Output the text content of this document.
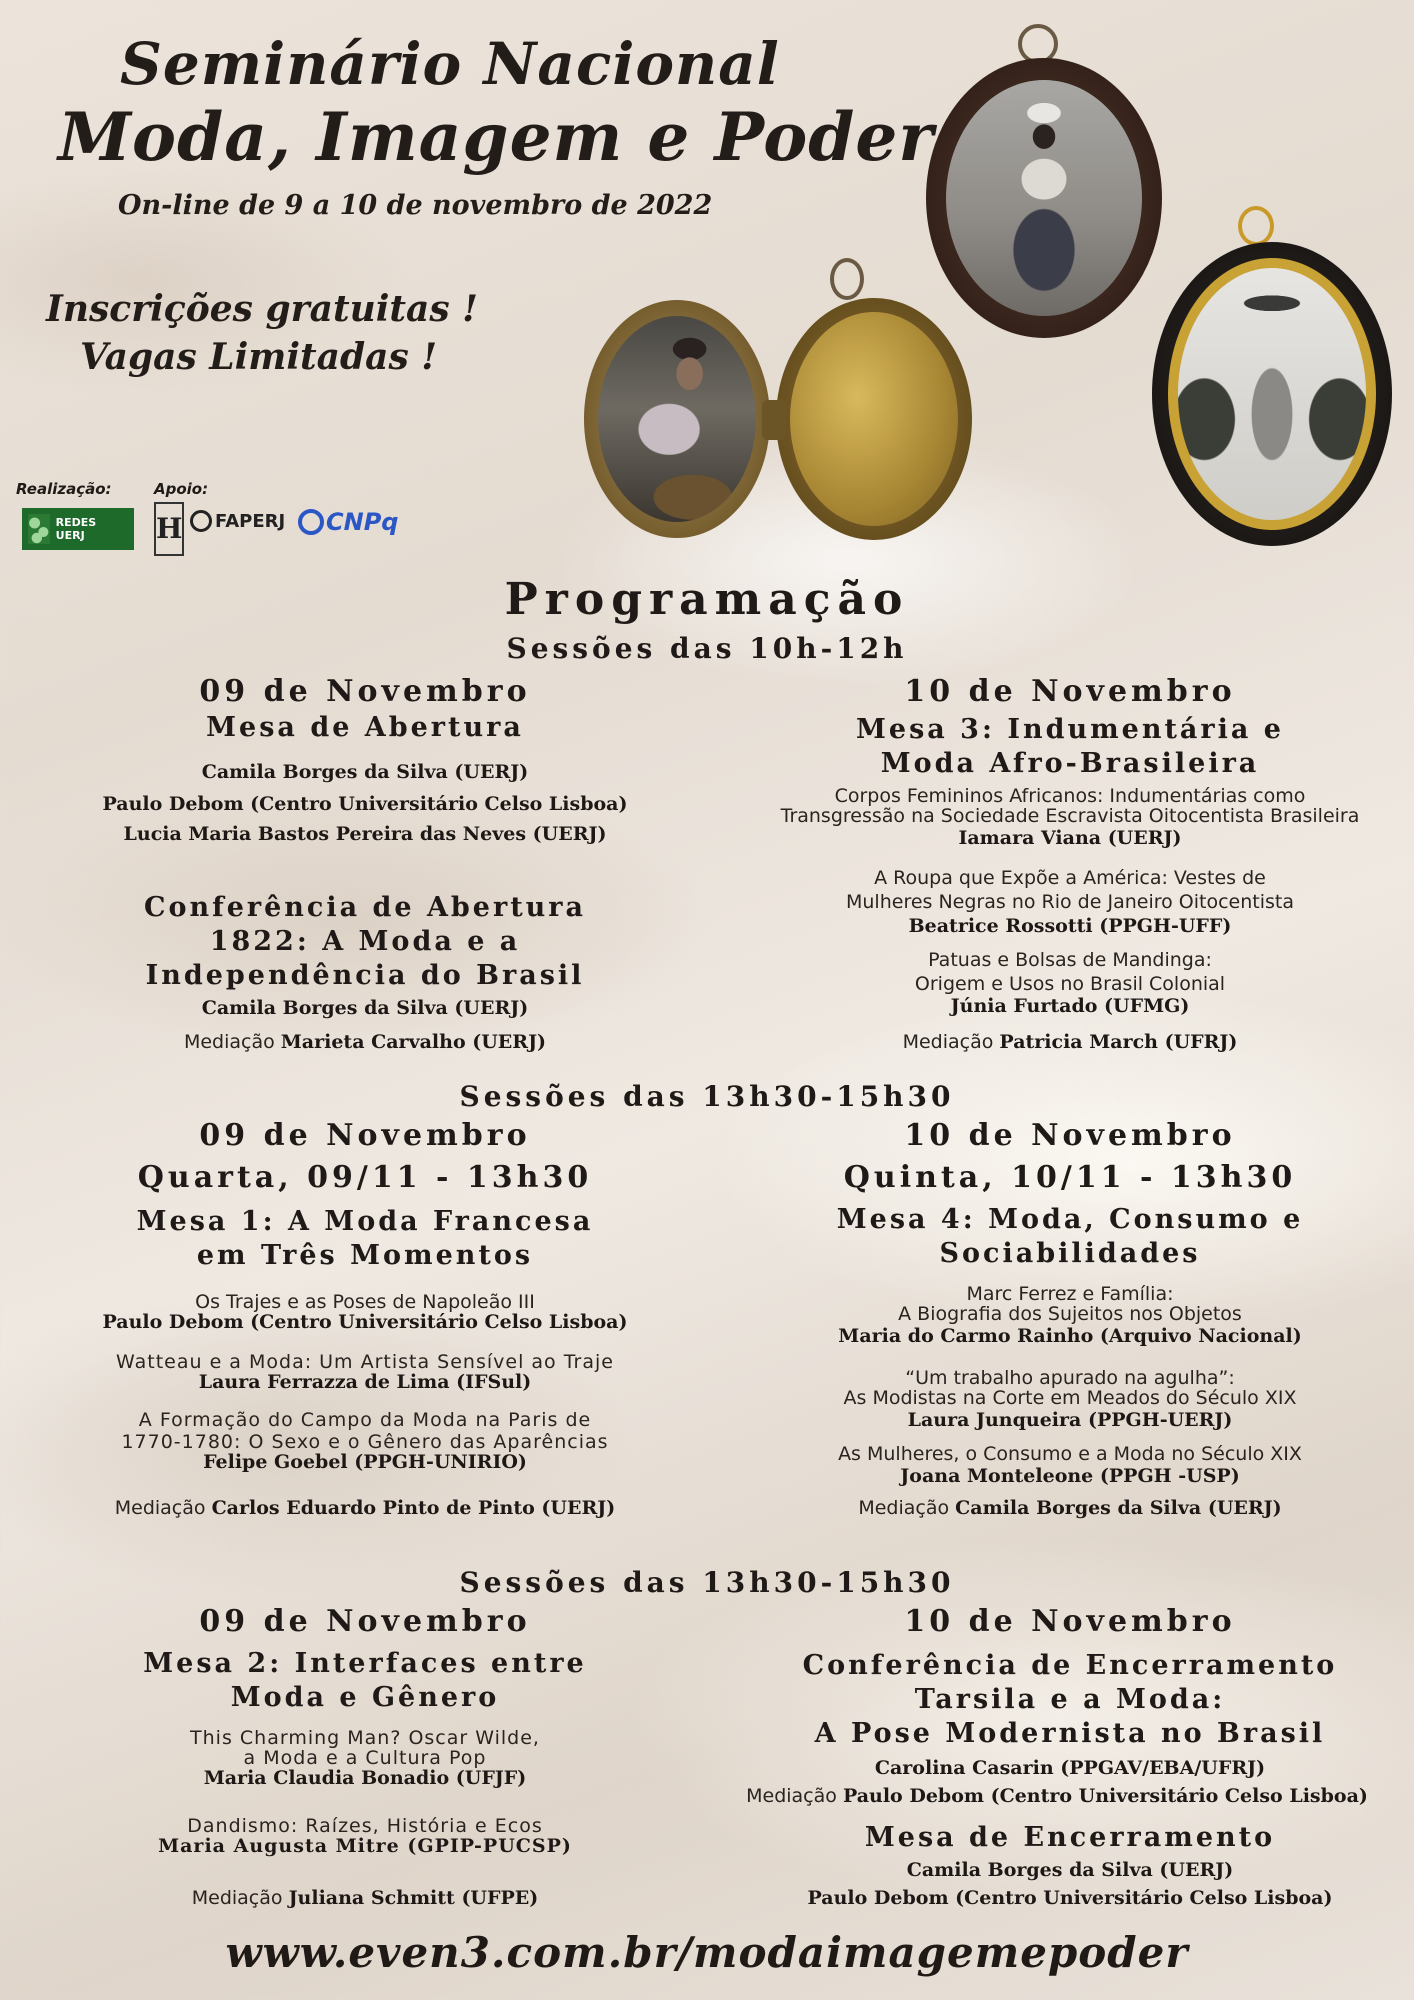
Seminário Nacional
Moda, Imagem e Poder
On-line de 9 a 10 de novembro de 2022
Inscrições gratuitas !
Vagas Limitadas !
Realização:	Apoio:
REDES UERJ	H FAPERJ CNPq
Programação
Sessões das 10h-12h
09 de Novembro
Mesa de Abertura
Camila Borges da Silva (UERJ)
Paulo Debom (Centro Universitário Celso Lisboa)
Lucia Maria Bastos Pereira das Neves (UERJ)
Conferência de Abertura
1822: A Moda e a
Independência do Brasil
Camila Borges da Silva (UERJ)
Mediação Marieta Carvalho (UERJ)
10 de Novembro
Mesa 3: Indumentária e
Moda Afro-Brasileira
Corpos Femininos Africanos: Indumentárias como
Transgressão na Sociedade Escravista Oitocentista Brasileira
Iamara Viana (UERJ)
A Roupa que Expõe a América: Vestes de
Mulheres Negras no Rio de Janeiro Oitocentista
Beatrice Rossotti (PPGH-UFF)
Patuas e Bolsas de Mandinga:
Origem e Usos no Brasil Colonial
Júnia Furtado (UFMG)
Mediação Patricia March (UFRJ)
Sessões das 13h30-15h30
09 de Novembro
Quarta, 09/11 - 13h30
Mesa 1: A Moda Francesa
em Três Momentos
Os Trajes e as Poses de Napoleão III
Paulo Debom (Centro Universitário Celso Lisboa)
Watteau e a Moda: Um Artista Sensível ao Traje
Laura Ferrazza de Lima (IFSul)
A Formação do Campo da Moda na Paris de
1770-1780: O Sexo e o Gênero das Aparências
Felipe Goebel (PPGH-UNIRIO)
Mediação Carlos Eduardo Pinto de Pinto (UERJ)
10 de Novembro
Quinta, 10/11 - 13h30
Mesa 4: Moda, Consumo e
Sociabilidades
Marc Ferrez e Família:
A Biografia dos Sujeitos nos Objetos
Maria do Carmo Rainho (Arquivo Nacional)
“Um trabalho apurado na agulha”:
As Modistas na Corte em Meados do Século XIX
Laura Junqueira (PPGH-UERJ)
As Mulheres, o Consumo e a Moda no Século XIX
Joana Monteleone (PPGH -USP)
Mediação Camila Borges da Silva (UERJ)
Sessões das 13h30-15h30
09 de Novembro
Mesa 2: Interfaces entre
Moda e Gênero
This Charming Man? Oscar Wilde,
a Moda e a Cultura Pop
Maria Claudia Bonadio (UFJF)
Dandismo: Raízes, História e Ecos
Maria Augusta Mitre (GPIP-PUCSP)
Mediação Juliana Schmitt (UFPE)
10 de Novembro
Conferência de Encerramento
Tarsila e a Moda:
A Pose Modernista no Brasil
Carolina Casarin (PPGAV/EBA/UFRJ)
Mediação Paulo Debom (Centro Universitário Celso Lisboa)
Mesa de Encerramento
Camila Borges da Silva (UERJ)
Paulo Debom (Centro Universitário Celso Lisboa)
www.even3.com.br/modaimagemepoder
